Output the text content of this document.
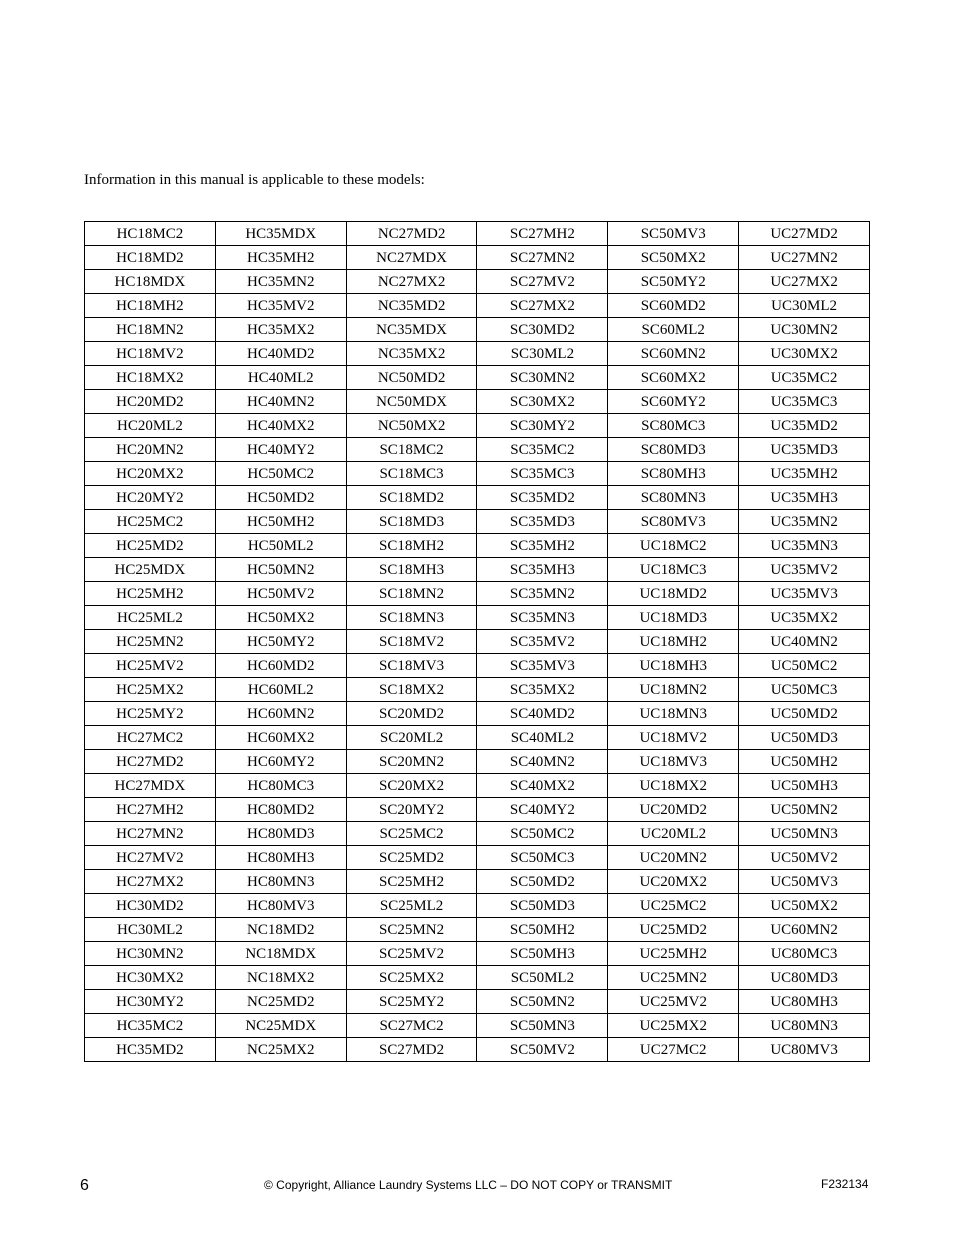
Information in this manual is applicable to these models:
HC18MC2	HC35MDX	NC27MD2	SC27MH2	SC50MV3	UC27MD2
HC18MD2	HC35MH2	NC27MDX	SC27MN2	SC50MX2	UC27MN2
HC18MDX	HC35MN2	NC27MX2	SC27MV2	SC50MY2	UC27MX2
HC18MH2	HC35MV2	NC35MD2	SC27MX2	SC60MD2	UC30ML2
HC18MN2	HC35MX2	NC35MDX	SC30MD2	SC60ML2	UC30MN2
HC18MV2	HC40MD2	NC35MX2	SC30ML2	SC60MN2	UC30MX2
HC18MX2	HC40ML2	NC50MD2	SC30MN2	SC60MX2	UC35MC2
HC20MD2	HC40MN2	NC50MDX	SC30MX2	SC60MY2	UC35MC3
HC20ML2	HC40MX2	NC50MX2	SC30MY2	SC80MC3	UC35MD2
HC20MN2	HC40MY2	SC18MC2	SC35MC2	SC80MD3	UC35MD3
HC20MX2	HC50MC2	SC18MC3	SC35MC3	SC80MH3	UC35MH2
HC20MY2	HC50MD2	SC18MD2	SC35MD2	SC80MN3	UC35MH3
HC25MC2	HC50MH2	SC18MD3	SC35MD3	SC80MV3	UC35MN2
HC25MD2	HC50ML2	SC18MH2	SC35MH2	UC18MC2	UC35MN3
HC25MDX	HC50MN2	SC18MH3	SC35MH3	UC18MC3	UC35MV2
HC25MH2	HC50MV2	SC18MN2	SC35MN2	UC18MD2	UC35MV3
HC25ML2	HC50MX2	SC18MN3	SC35MN3	UC18MD3	UC35MX2
HC25MN2	HC50MY2	SC18MV2	SC35MV2	UC18MH2	UC40MN2
HC25MV2	HC60MD2	SC18MV3	SC35MV3	UC18MH3	UC50MC2
HC25MX2	HC60ML2	SC18MX2	SC35MX2	UC18MN2	UC50MC3
HC25MY2	HC60MN2	SC20MD2	SC40MD2	UC18MN3	UC50MD2
HC27MC2	HC60MX2	SC20ML2	SC40ML2	UC18MV2	UC50MD3
HC27MD2	HC60MY2	SC20MN2	SC40MN2	UC18MV3	UC50MH2
HC27MDX	HC80MC3	SC20MX2	SC40MX2	UC18MX2	UC50MH3
HC27MH2	HC80MD2	SC20MY2	SC40MY2	UC20MD2	UC50MN2
HC27MN2	HC80MD3	SC25MC2	SC50MC2	UC20ML2	UC50MN3
HC27MV2	HC80MH3	SC25MD2	SC50MC3	UC20MN2	UC50MV2
HC27MX2	HC80MN3	SC25MH2	SC50MD2	UC20MX2	UC50MV3
HC30MD2	HC80MV3	SC25ML2	SC50MD3	UC25MC2	UC50MX2
HC30ML2	NC18MD2	SC25MN2	SC50MH2	UC25MD2	UC60MN2
HC30MN2	NC18MDX	SC25MV2	SC50MH3	UC25MH2	UC80MC3
HC30MX2	NC18MX2	SC25MX2	SC50ML2	UC25MN2	UC80MD3
HC30MY2	NC25MD2	SC25MY2	SC50MN2	UC25MV2	UC80MH3
HC35MC2	NC25MDX	SC27MC2	SC50MN3	UC25MX2	UC80MN3
HC35MD2	NC25MX2	SC27MD2	SC50MV2	UC27MC2	UC80MV3
6	© Copyright, Alliance Laundry Systems LLC – DO NOT COPY or TRANSMIT	F232134
